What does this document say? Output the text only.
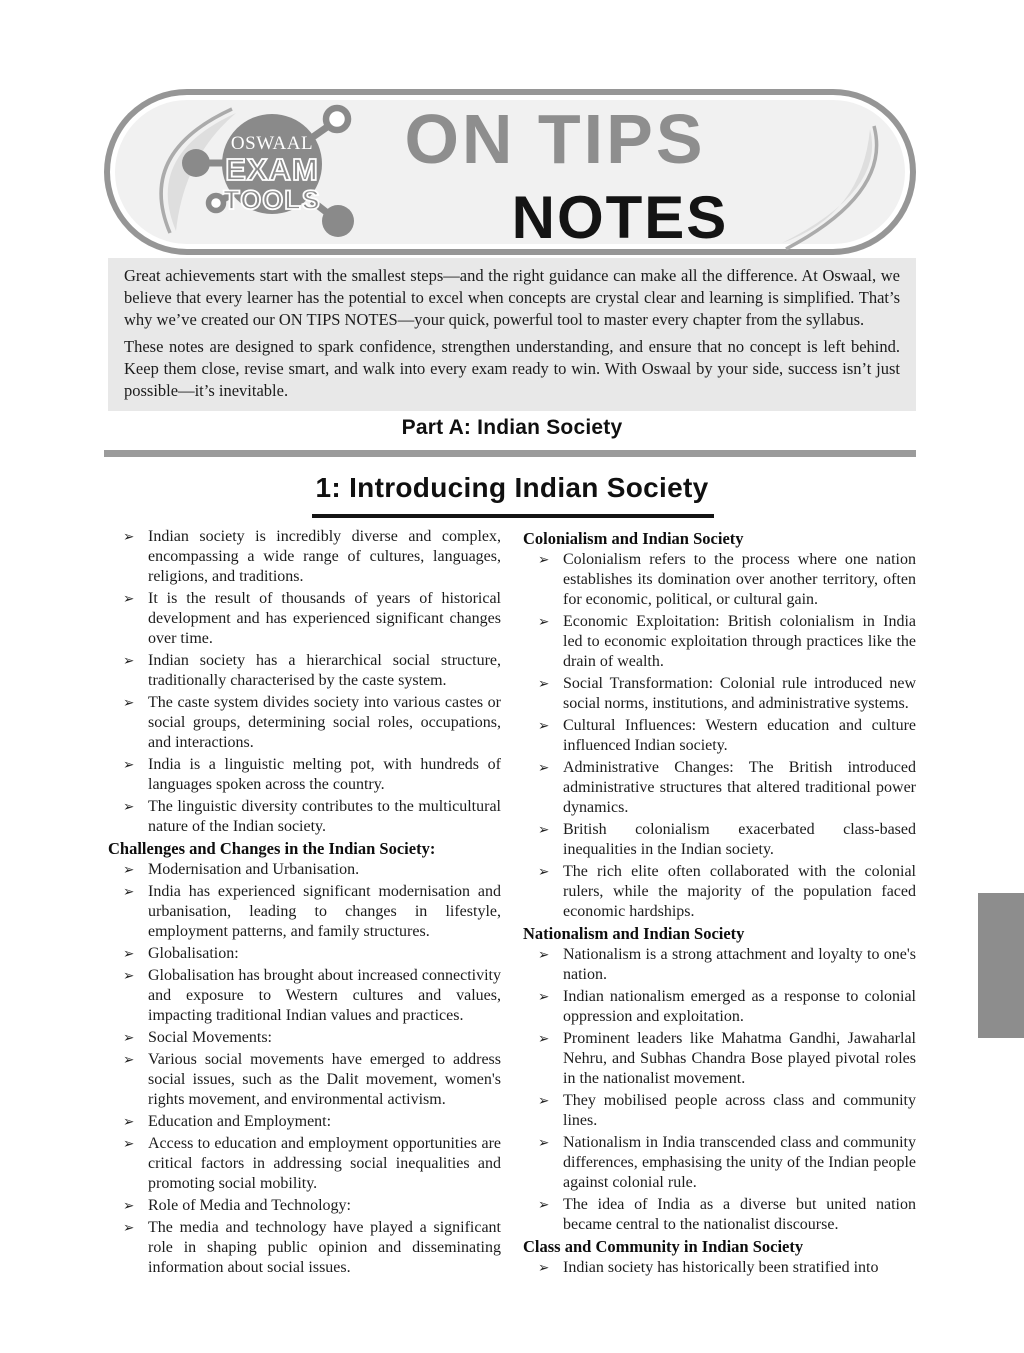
OSWAAL
EXAM
TOOLS
ON TIPS
NOTES

Great achievements start with the smallest steps—and the right guidance can make all the difference. At Oswaal, we believe that every learner has the potential to excel when concepts are crystal clear and learning is simplified. That’s why we’ve created our ON TIPS NOTES—your quick, powerful tool to master every chapter from the syllabus.

These notes are designed to spark confidence, strengthen understanding, and ensure that no concept is left behind. Keep them close, revise smart, and walk into every exam ready to win. With Oswaal by your side, success isn’t just possible—it’s inevitable.

Part A: Indian Society
1: Introducing Indian Society
➢ Indian society is incredibly diverse and complex, encompassing a wide range of cultures, languages, religions, and traditions.
➢ It is the result of thousands of years of historical development and has experienced significant changes over time.
➢ Indian society has a hierarchical social structure, traditionally characterised by the caste system.
➢ The caste system divides society into various castes or social groups, determining social roles, occupations, and interactions.
➢ India is a linguistic melting pot, with hundreds of languages spoken across the country.
➢ The linguistic diversity contributes to the multicultural nature of the Indian society.
Challenges and Changes in the Indian Society:
➢ Modernisation and Urbanisation.
➢ India has experienced significant modernisation and urbanisation, leading to changes in lifestyle, employment patterns, and family structures.
➢ Globalisation:
➢ Globalisation has brought about increased connectivity and exposure to Western cultures and values, impacting traditional Indian values and practices.
➢ Social Movements:
➢ Various social movements have emerged to address social issues, such as the Dalit movement, women's rights movement, and environmental activism.
➢ Education and Employment:
➢ Access to education and employment opportunities are critical factors in addressing social inequalities and promoting social mobility.
➢ Role of Media and Technology:
➢ The media and technology have played a significant role in shaping public opinion and disseminating information about social issues.
Colonialism and Indian Society
➢ Colonialism refers to the process where one nation establishes its domination over another territory, often for economic, political, or cultural gain.
➢ Economic Exploitation: British colonialism in India led to economic exploitation through practices like the drain of wealth.
➢ Social Transformation: Colonial rule introduced new social norms, institutions, and administrative systems.
➢ Cultural Influences: Western education and culture influenced Indian society.
➢ Administrative Changes: The British introduced administrative structures that altered traditional power dynamics.
➢ British colonialism exacerbated class-based inequalities in the Indian society.
➢ The rich elite often collaborated with the colonial rulers, while the majority of the population faced economic hardships.
Nationalism and Indian Society
➢ Nationalism is a strong attachment and loyalty to one's nation.
➢ Indian nationalism emerged as a response to colonial oppression and exploitation.
➢ Prominent leaders like Mahatma Gandhi, Jawaharlal Nehru, and Subhas Chandra Bose played pivotal roles in the nationalist movement.
➢ They mobilised people across class and community lines.
➢ Nationalism in India transcended class and community differences, emphasising the unity of the Indian people against colonial rule.
➢ The idea of India as a diverse but united nation became central to the nationalist discourse.
Class and Community in Indian Society
➢ Indian society has historically been stratified into
